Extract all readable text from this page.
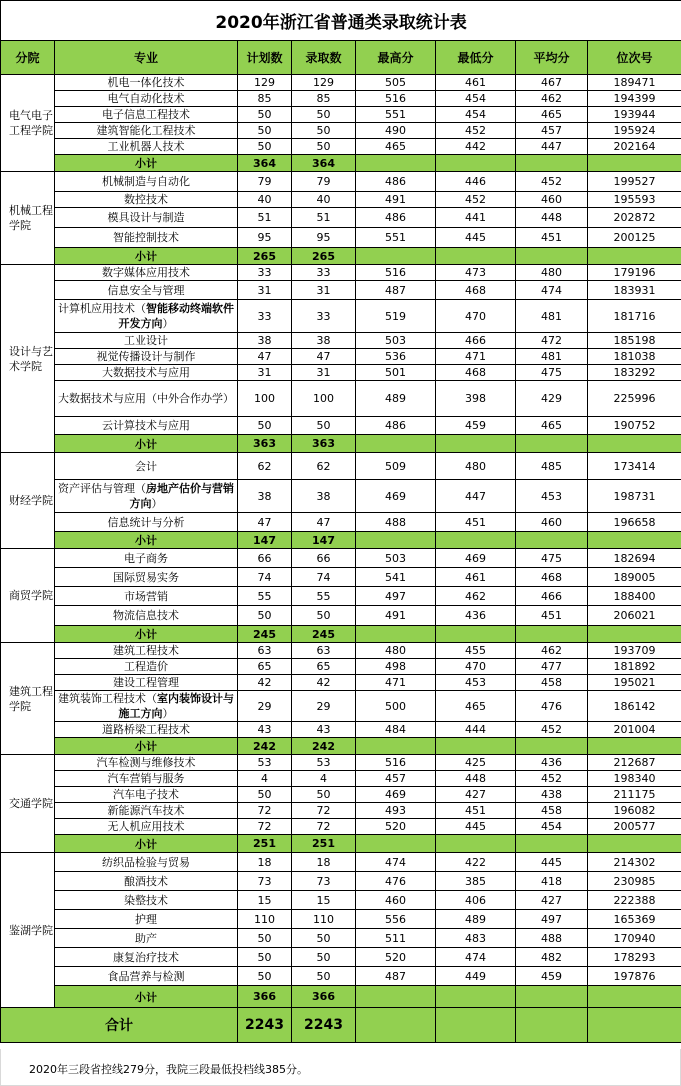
2020年浙江省普通类录取统计表							
分院	专业	计划数	录取数	最高分	最低分	平均分	位次号
电气电子工程学院	机电一体化技术	129	129	505	461	467	189471
	电气自动化技术	85	85	516	454	462	194399
	电子信息工程技术	50	50	551	454	465	193944
	建筑智能化工程技术	50	50	490	452	457	195924
	工业机器人技术	50	50	465	442	447	202164
	小计	364	364				
机械工程学院	机械制造与自动化	79	79	486	446	452	199527
	数控技术	40	40	491	452	460	195593
	模具设计与制造	51	51	486	441	448	202872
	智能控制技术	95	95	551	445	451	200125
	小计	265	265				
设计与艺术学院	数字媒体应用技术	33	33	516	473	480	179196
	信息安全与管理	31	31	487	468	474	183931
	计算机应用技术（智能移动终端软件开发方向）	33	33	519	470	481	181716
	工业设计	38	38	503	466	472	185198
	视觉传播设计与制作	47	47	536	471	481	181038
	大数据技术与应用	31	31	501	468	475	183292
	大数据技术与应用（中外合作办学）	100	100	489	398	429	225996
	云计算技术与应用	50	50	486	459	465	190752
	小计	363	363				
财经学院	会计	62	62	509	480	485	173414
	资产评估与管理（房地产估价与营销方向）	38	38	469	447	453	198731
	信息统计与分析	47	47	488	451	460	196658
	小计	147	147				
商贸学院	电子商务	66	66	503	469	475	182694
	国际贸易实务	74	74	541	461	468	189005
	市场营销	55	55	497	462	466	188400
	物流信息技术	50	50	491	436	451	206021
	小计	245	245				
建筑工程学院	建筑工程技术	63	63	480	455	462	193709
	工程造价	65	65	498	470	477	181892
	建设工程管理	42	42	471	453	458	195021
	建筑装饰工程技术（室内装饰设计与施工方向）	29	29	500	465	476	186142
	道路桥梁工程技术	43	43	484	444	452	201004
	小计	242	242				
交通学院	汽车检测与维修技术	53	53	516	425	436	212687
	汽车营销与服务	4	4	457	448	452	198340
	汽车电子技术	50	50	469	427	438	211175
	新能源汽车技术	72	72	493	451	458	196082
	无人机应用技术	72	72	520	445	454	200577
	小计	251	251				
鉴湖学院	纺织品检验与贸易	18	18	474	422	445	214302
	酿酒技术	73	73	476	385	418	230985
	染整技术	15	15	460	406	427	222388
	护理	110	110	556	489	497	165369
	助产	50	50	511	483	488	170940
	康复治疗技术	50	50	520	474	482	178293
	食品营养与检测	50	50	487	449	459	197876
	小计	366	366				
合计		2243	2243				
2020年三段省控线279分，我院三段最低投档线385分。
